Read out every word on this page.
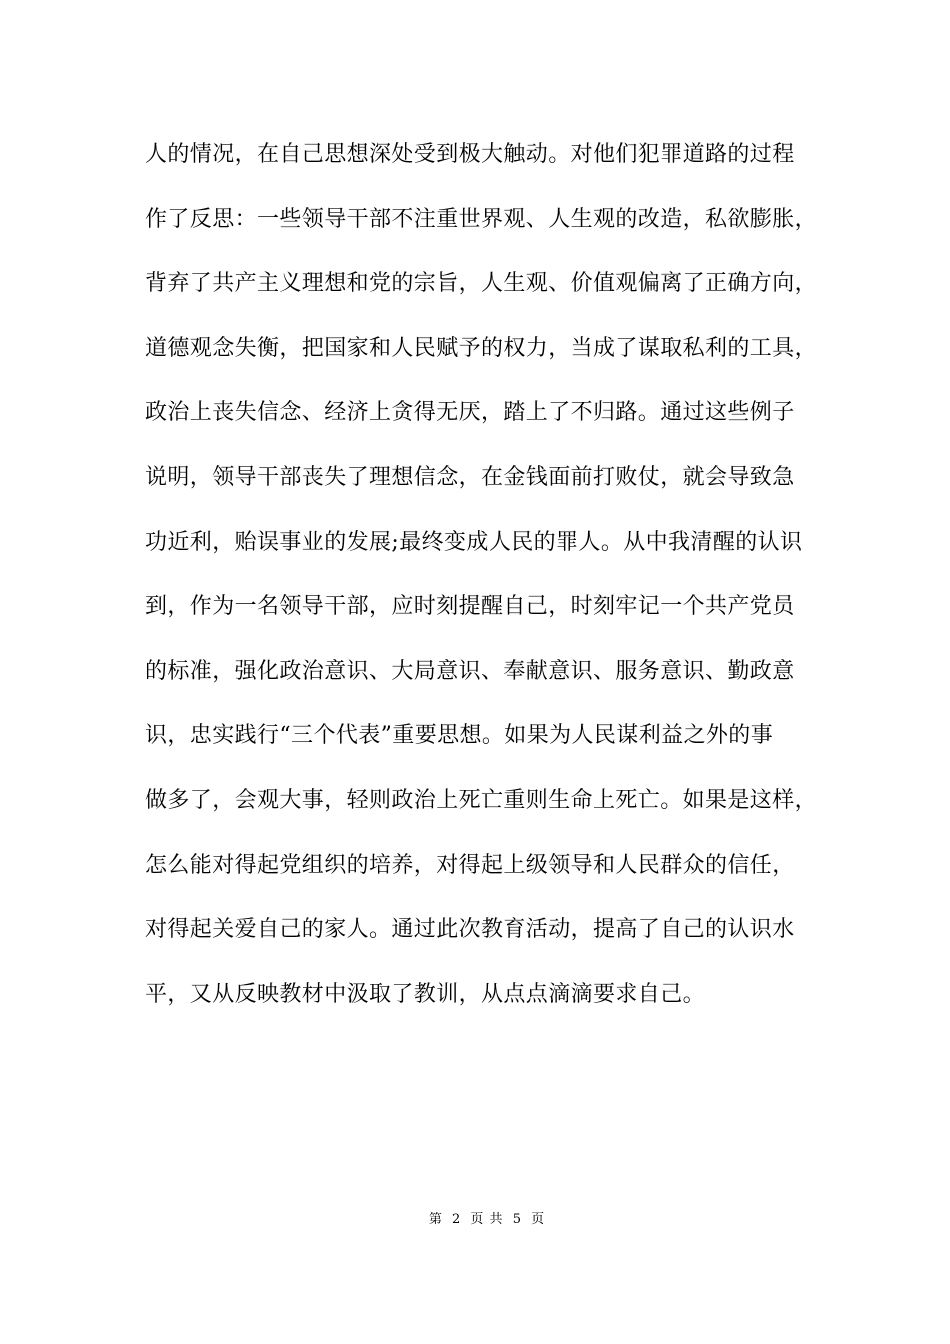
人的情况，在自己思想深处受到极大触动。对他们犯罪道路的过程
作了反思：一些领导干部不注重世界观、人生观的改造，私欲膨胀，
背弃了共产主义理想和党的宗旨，人生观、价值观偏离了正确方向，
道德观念失衡，把国家和人民赋予的权力，当成了谋取私利的工具，
政治上丧失信念、经济上贪得无厌，踏上了不归路。通过这些例子
说明，领导干部丧失了理想信念，在金钱面前打败仗，就会导致急
功近利，贻误事业的发展;最终变成人民的罪人。从中我清醒的认识
到，作为一名领导干部，应时刻提醒自己，时刻牢记一个共产党员
的标准，强化政治意识、大局意识、奉献意识、服务意识、勤政意
识，忠实践行“三个代表”重要思想。如果为人民谋利益之外的事
做多了，会观大事，轻则政治上死亡重则生命上死亡。如果是这样，
怎么能对得起党组织的培养，对得起上级领导和人民群众的信任，
对得起关爱自己的家人。通过此次教育活动，提高了自己的认识水
平，又从反映教材中汲取了教训，从点点滴滴要求自己。
第 2 页 共 5 页
